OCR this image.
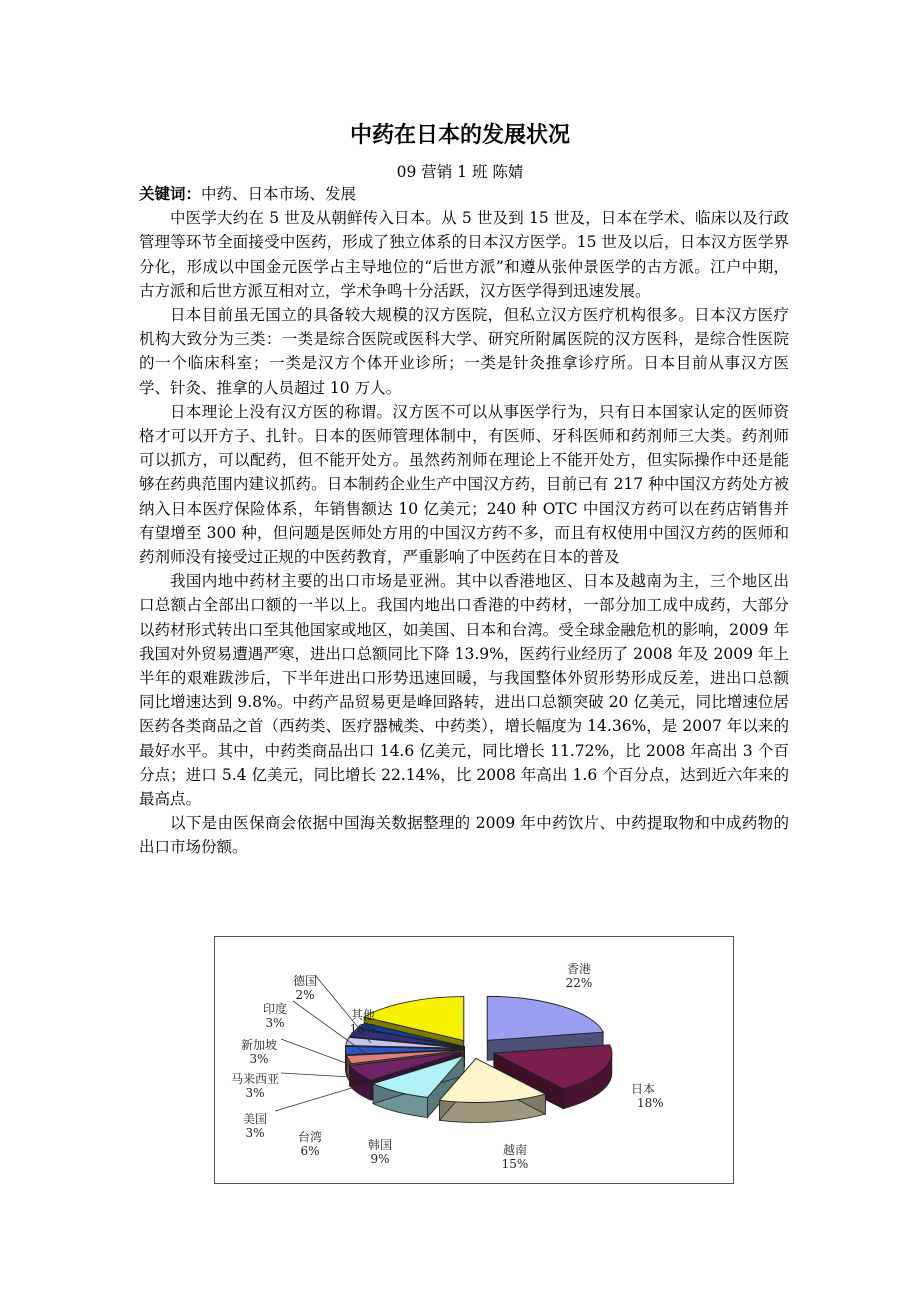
中药在日本的发展状况
09 营销 1 班 陈婧

关键词：中药、日本市场、发展

中医学大约在 5 世及从朝鲜传入日本。从 5 世及到 15 世及，日本在学术、临床以及行政管理等环节全面接受中医药，形成了独立体系的日本汉方医学。15 世及以后，日本汉方医学界分化，形成以中国金元医学占主导地位的“后世方派”和遵从张仲景医学的古方派。江户中期，古方派和后世方派互相对立，学术争鸣十分活跃，汉方医学得到迅速发展。

日本目前虽无国立的具备较大规模的汉方医院，但私立汉方医疗机构很多。日本汉方医疗机构大致分为三类：一类是综合医院或医科大学、研究所附属医院的汉方医科，是综合性医院的一个临床科室；一类是汉方个体开业诊所；一类是针灸推拿诊疗所。日本目前从事汉方医学、针灸、推拿的人员超过 10 万人。

日本理论上没有汉方医的称谓。汉方医不可以从事医学行为，只有日本国家认定的医师资格才可以开方子、扎针。日本的医师管理体制中，有医师、牙科医师和药剂师三大类。药剂师可以抓方，可以配药，但不能开处方。虽然药剂师在理论上不能开处方，但实际操作中还是能够在药典范围内建议抓药。日本制药企业生产中国汉方药，目前已有 217 种中国汉方药处方被纳入日本医疗保险体系，年销售额达 10 亿美元；240 种 OTC 中国汉方药可以在药店销售并有望增至 300 种，但问题是医师处方用的中国汉方药不多，而且有权使用中国汉方药的医师和药剂师没有接受过正规的中医药教育，严重影响了中医药在日本的普及

我国内地中药材主要的出口市场是亚洲。其中以香港地区、日本及越南为主，三个地区出口总额占全部出口额的一半以上。我国内地出口香港的中药材，一部分加工成中成药，大部分以药材形式转出口至其他国家或地区，如美国、日本和台湾。受全球金融危机的影响，2009 年我国对外贸易遭遇严寒，进出口总额同比下降 13.9%，医药行业经历了 2008 年及 2009 年上半年的艰难跋涉后，下半年进出口形势迅速回暖，与我国整体外贸形势形成反差，进出口总额同比增速达到 9.8%。中药产品贸易更是峰回路转，进出口总额突破 20 亿美元，同比增速位居医药各类商品之首（西药类、医疗器械类、中药类），增长幅度为 14.36%，是 2007 年以来的最好水平。其中，中药类商品出口 14.6 亿美元，同比增长 11.72%，比 2008 年高出 3 个百分点；进口 5.4 亿美元，同比增长 22.14%，比 2008 年高出 1.6 个百分点，达到近六年来的最高点。

以下是由医保商会依据中国海关数据整理的 2009 年中药饮片、中药提取物和中成药物的出口市场份额。

香港
22%
日本
18%
越南
15%
韩国
9%
台湾
6%
美国
3%
马来西亚
3%
新加坡
3%
印度
3%
德国
2%
其他
16%
